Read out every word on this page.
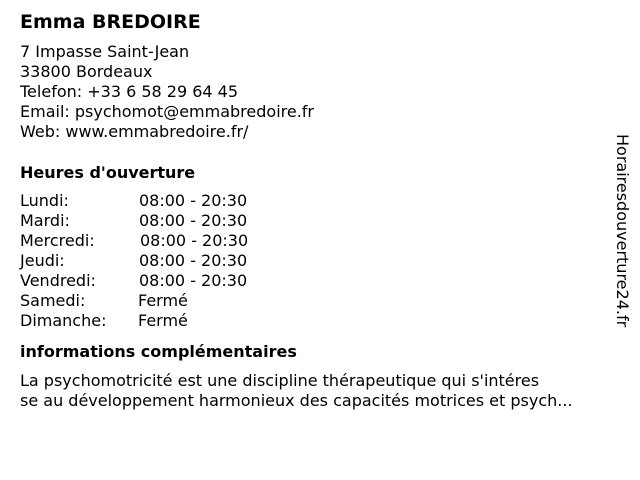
Emma BREDOIRE
7 Impasse Saint-Jean
33800 Bordeaux
Telefon: +33 6 58 29 64 45
Email: psychomot@emmabredoire.fr
Web: www.emmabredoire.fr/
Heures d'ouverture
Lundi:	08:00 - 20:30
Mardi:	08:00 - 20:30
Mercredi:	08:00 - 20:30
Jeudi:	08:00 - 20:30
Vendredi:	08:00 - 20:30
Samedi:	Fermé
Dimanche:	Fermé
informations complémentaires
La psychomotricité est une discipline thérapeutique qui s'intéres
se au développement harmonieux des capacités motrices et psych...
Horairesdouverture24.fr
